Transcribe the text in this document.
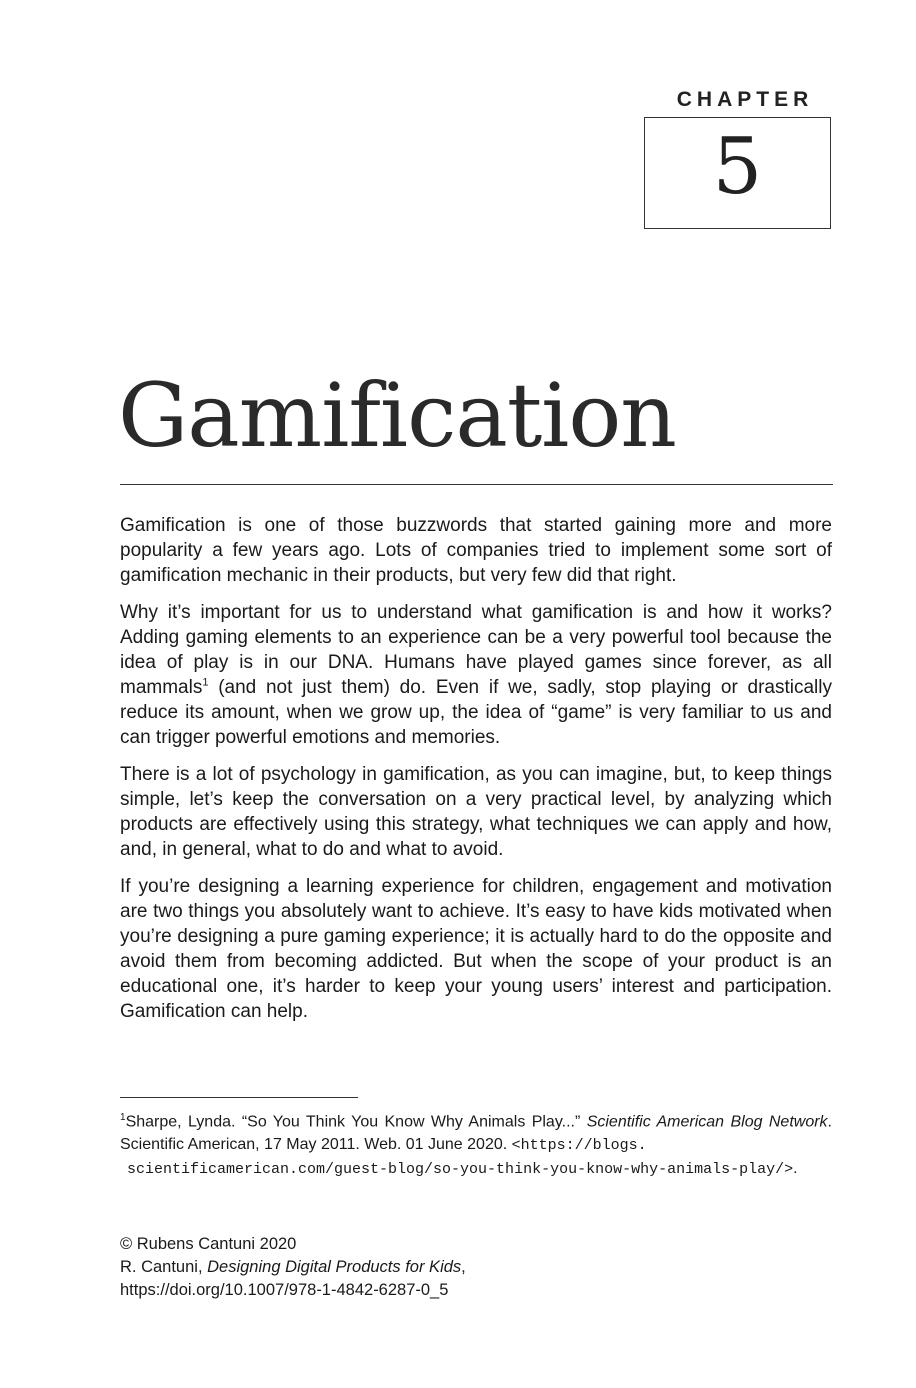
CHAPTER
5
Gamification

Gamification is one of those buzzwords that started gaining more and more popularity a few years ago. Lots of companies tried to implement some sort of gamification mechanic in their products, but very few did that right.

Why it’s important for us to understand what gamification is and how it works? Adding gaming elements to an experience can be a very powerful tool because the idea of play is in our DNA. Humans have played games since forever, as all mammals$^1$ (and not just them) do. Even if we, sadly, stop playing or drastically reduce its amount, when we grow up, the idea of “game” is very familiar to us and can trigger powerful emotions and memories.

There is a lot of psychology in gamification, as you can imagine, but, to keep things simple, let’s keep the conversation on a very practical level, by analyzing which products are effectively using this strategy, what techniques we can apply and how, and, in general, what to do and what to avoid.

If you’re designing a learning experience for children, engagement and motivation are two things you absolutely want to achieve. It’s easy to have kids motivated when you’re designing a pure gaming experience; it is actually hard to do the opposite and avoid them from becoming addicted. But when the scope of your product is an educational one, it’s harder to keep your young users’ interest and participation. Gamification can help.

$^1$Sharpe, Lynda. “So You Think You Know Why Animals Play...” Scientific American Blog Network. Scientific American, 17 May 2011. Web. 01 June 2020. <https://blogs.
scientificamerican.com/guest-blog/so-you-think-you-know-why-animals-play/>.
© Rubens Cantuni 2020
R. Cantuni, Designing Digital Products for Kids,
https://doi.org/10.1007/978-1-4842-6287-0_5
